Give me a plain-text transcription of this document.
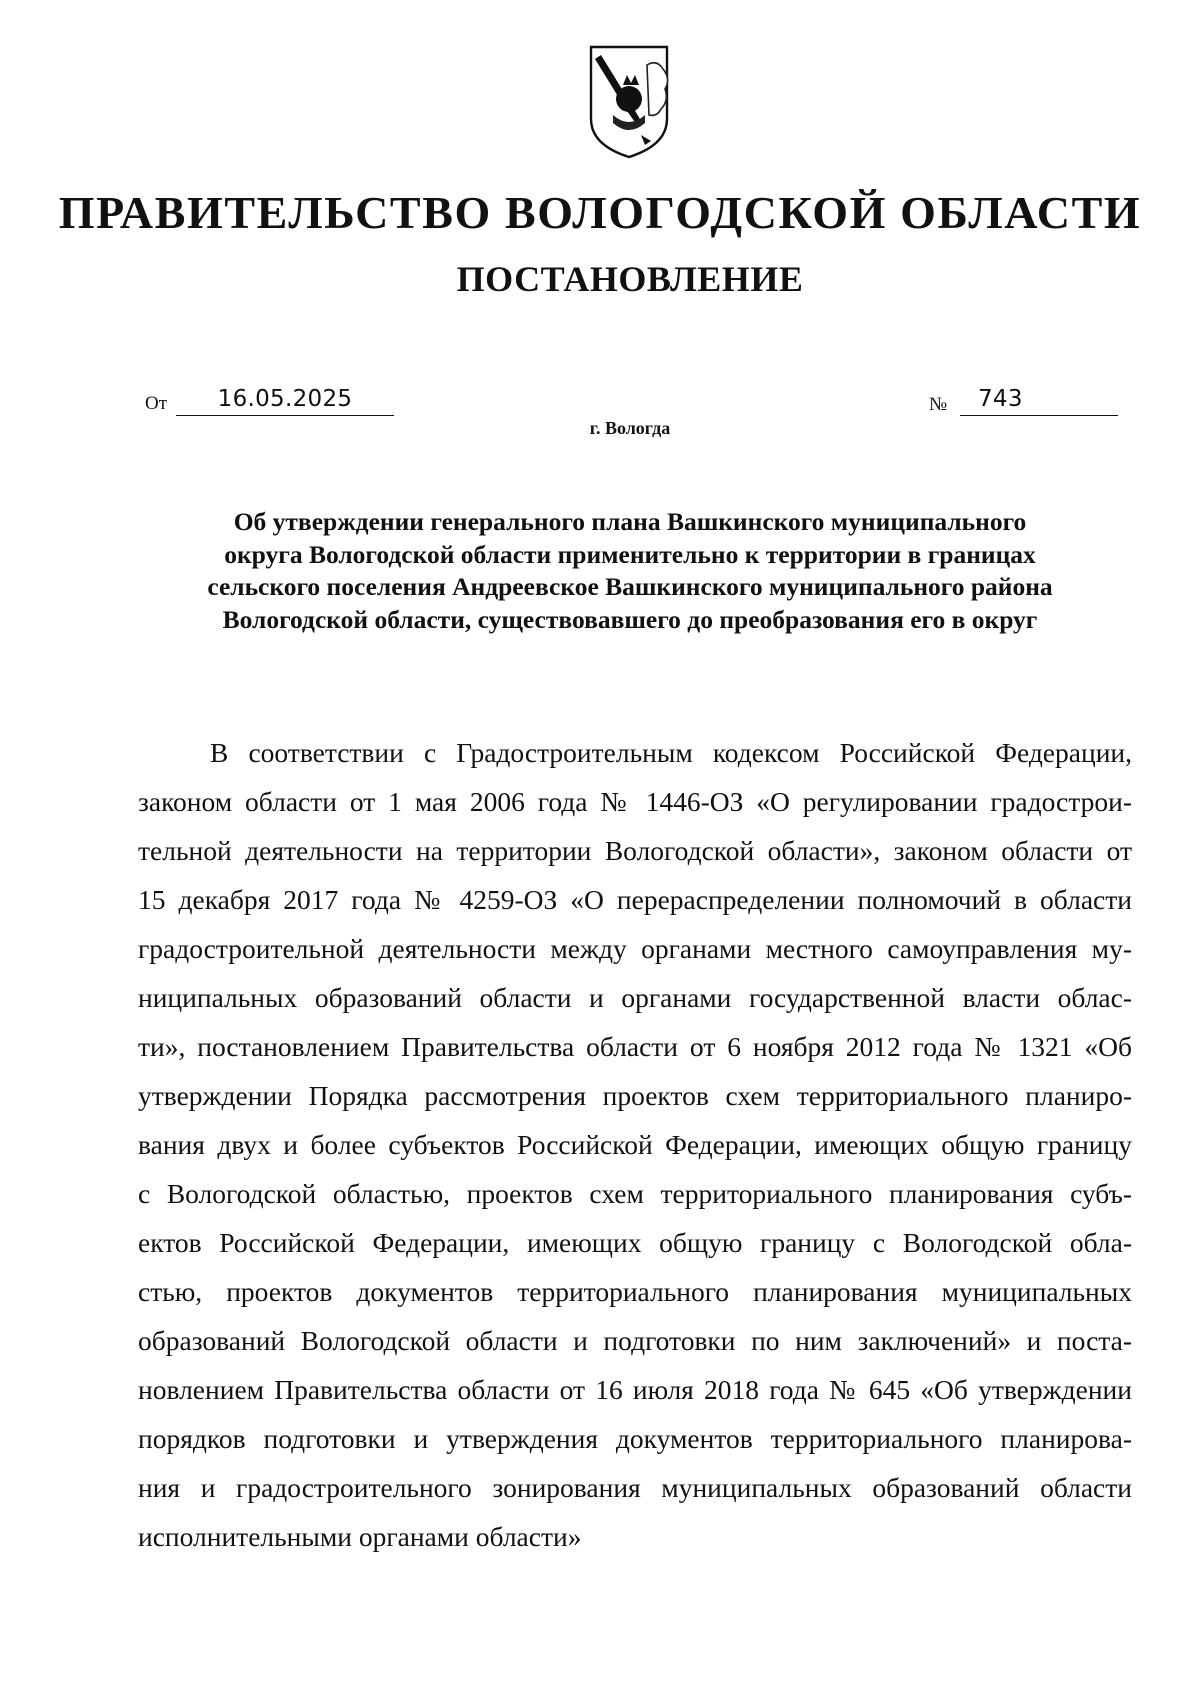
ПРАВИТЕЛЬСТВО ВОЛОГОДСКОЙ ОБЛАСТИ
ПОСТАНОВЛЕНИЕ
От	16.05.2025	№	743
г. Вологда
Об утверждении генерального плана Вашкинского муниципального
округа Вологодской области применительно к территории в границах
сельского поселения Андреевское Вашкинского муниципального района
Вологодской области, существовавшего до преобразования его в округ
В соответствии с Градостроительным кодексом Российской Федерации,
законом области от 1 мая 2006 года № 1446-ОЗ «О регулировании градострои-
тельной деятельности на территории Вологодской области», законом области от
15 декабря 2017 года № 4259-ОЗ «О перераспределении полномочий в области
градостроительной деятельности между органами местного самоуправления му-
ниципальных образований области и органами государственной власти облас-
ти», постановлением Правительства области от 6 ноября 2012 года № 1321 «Об
утверждении Порядка рассмотрения проектов схем территориального планиро-
вания двух и более субъектов Российской Федерации, имеющих общую границу
с Вологодской областью, проектов схем территориального планирования субъ-
ектов Российской Федерации, имеющих общую границу с Вологодской обла-
стью, проектов документов территориального планирования муниципальных
образований Вологодской области и подготовки по ним заключений» и поста-
новлением Правительства области от 16 июля 2018 года № 645 «Об утверждении
порядков подготовки и утверждения документов территориального планирова-
ния и градостроительного зонирования муниципальных образований области
исполнительными органами области»
